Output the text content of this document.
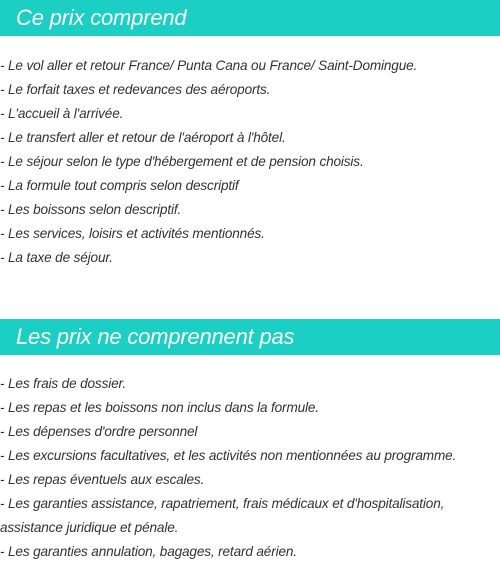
Ce prix comprend
- Le vol aller et retour France/ Punta Cana ou France/ Saint-Domingue.
- Le forfait taxes et redevances des aéroports.
- L'accueil à l'arrivée.
- Le transfert aller et retour de l'aéroport à l'hôtel.
- Le séjour selon le type d'hébergement et de pension choisis.
- La formule tout compris selon descriptif
- Les boissons selon descriptif.
- Les services, loisirs et activités mentionnés.
- La taxe de séjour.
Les prix ne comprennent pas
- Les frais de dossier.
- Les repas et les boissons non inclus dans la formule.
- Les dépenses d'ordre personnel
- Les excursions facultatives, et les activités non mentionnées au programme.
- Les repas éventuels aux escales.
- Les garanties assistance, rapatriement, frais médicaux et d'hospitalisation, assistance juridique et pénale.
- Les garanties annulation, bagages, retard aérien.
